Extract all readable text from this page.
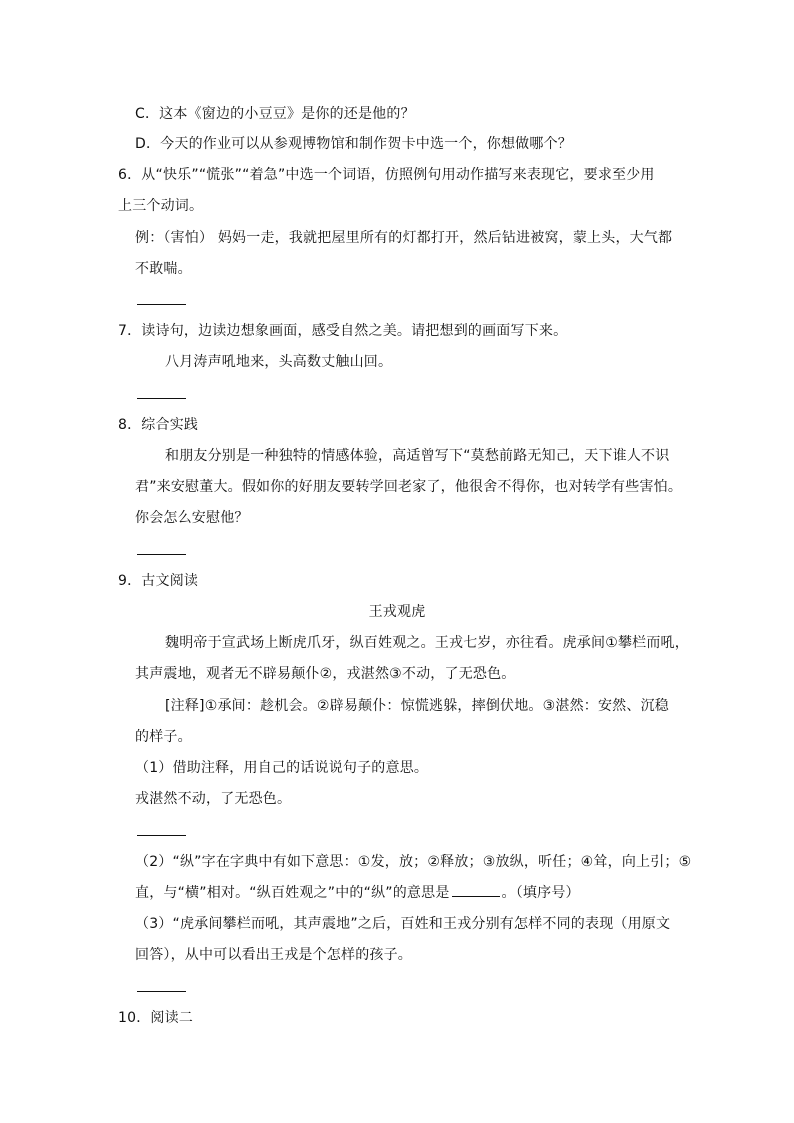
C．这本《窗边的小豆豆》是你的还是他的？
D．今天的作业可以从参观博物馆和制作贺卡中选一个，你想做哪个？
6．从“快乐”“慌张”“着急”中选一个词语，仿照例句用动作描写来表现它，要求至少用
上三个动词。
例：（害怕） 妈妈一走，我就把屋里所有的灯都打开，然后钻进被窝，蒙上头，大气都
不敢喘。
7．读诗句，边读边想象画面，感受自然之美。请把想到的画面写下来。
八月涛声吼地来，头高数丈触山回。
8．综合实践
和朋友分别是一种独特的情感体验，高适曾写下“莫愁前路无知己，天下谁人不识
君”来安慰董大。假如你的好朋友要转学回老家了，他很舍不得你，也对转学有些害怕。
你会怎么安慰他？
9．古文阅读
王戎观虎
魏明帝于宣武场上断虎爪牙，纵百姓观之。王戎七岁，亦往看。虎承间①攀栏而吼，
其声震地，观者无不辟易颠仆②，戎湛然③不动，了无恐色。
[注释]①承间：趁机会。②辟易颠仆：惊慌逃躲，摔倒伏地。③湛然：安然、沉稳
的样子。
（1）借助注释，用自己的话说说句子的意思。
戎湛然不动，了无恐色。
（2）“纵”字在字典中有如下意思：①发，放；②释放；③放纵，听任；④耸，向上引；⑤
直，与“横”相对。“纵百姓观之”中的“纵”的意思是	。（填序号）
（3）“虎承间攀栏而吼，其声震地”之后，百姓和王戎分别有怎样不同的表现（用原文
回答），从中可以看出王戎是个怎样的孩子。
10．阅读二
